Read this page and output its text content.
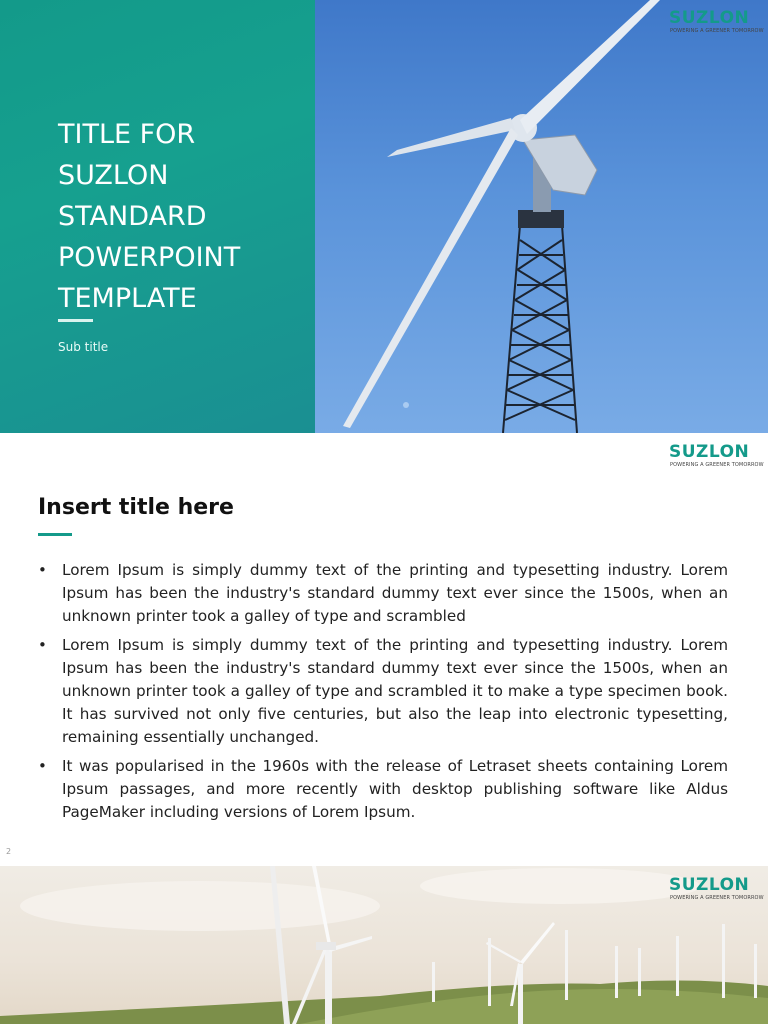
TITLE FOR
SUZLON
STANDARD
POWERPOINT
TEMPLATE
Sub title
SUZLON
POWERING A GREENER TOMORROW
SUZLON
POWERING A GREENER TOMORROW
Insert title here
• Lorem Ipsum is simply dummy text of the printing and typesetting industry. Lorem Ipsum has been the industry's standard dummy text ever since the 1500s, when an unknown printer took a galley of type and scrambled
• Lorem Ipsum is simply dummy text of the printing and typesetting industry. Lorem Ipsum has been the industry's standard dummy text ever since the 1500s, when an unknown printer took a galley of type and scrambled it to make a type specimen book. It has survived not only five centuries, but also the leap into electronic typesetting, remaining essentially unchanged.
• It was popularised in the 1960s with the release of Letraset sheets containing Lorem Ipsum passages, and more recently with desktop publishing software like Aldus PageMaker including versions of Lorem Ipsum.
2
SUZLON
POWERING A GREENER TOMORROW
